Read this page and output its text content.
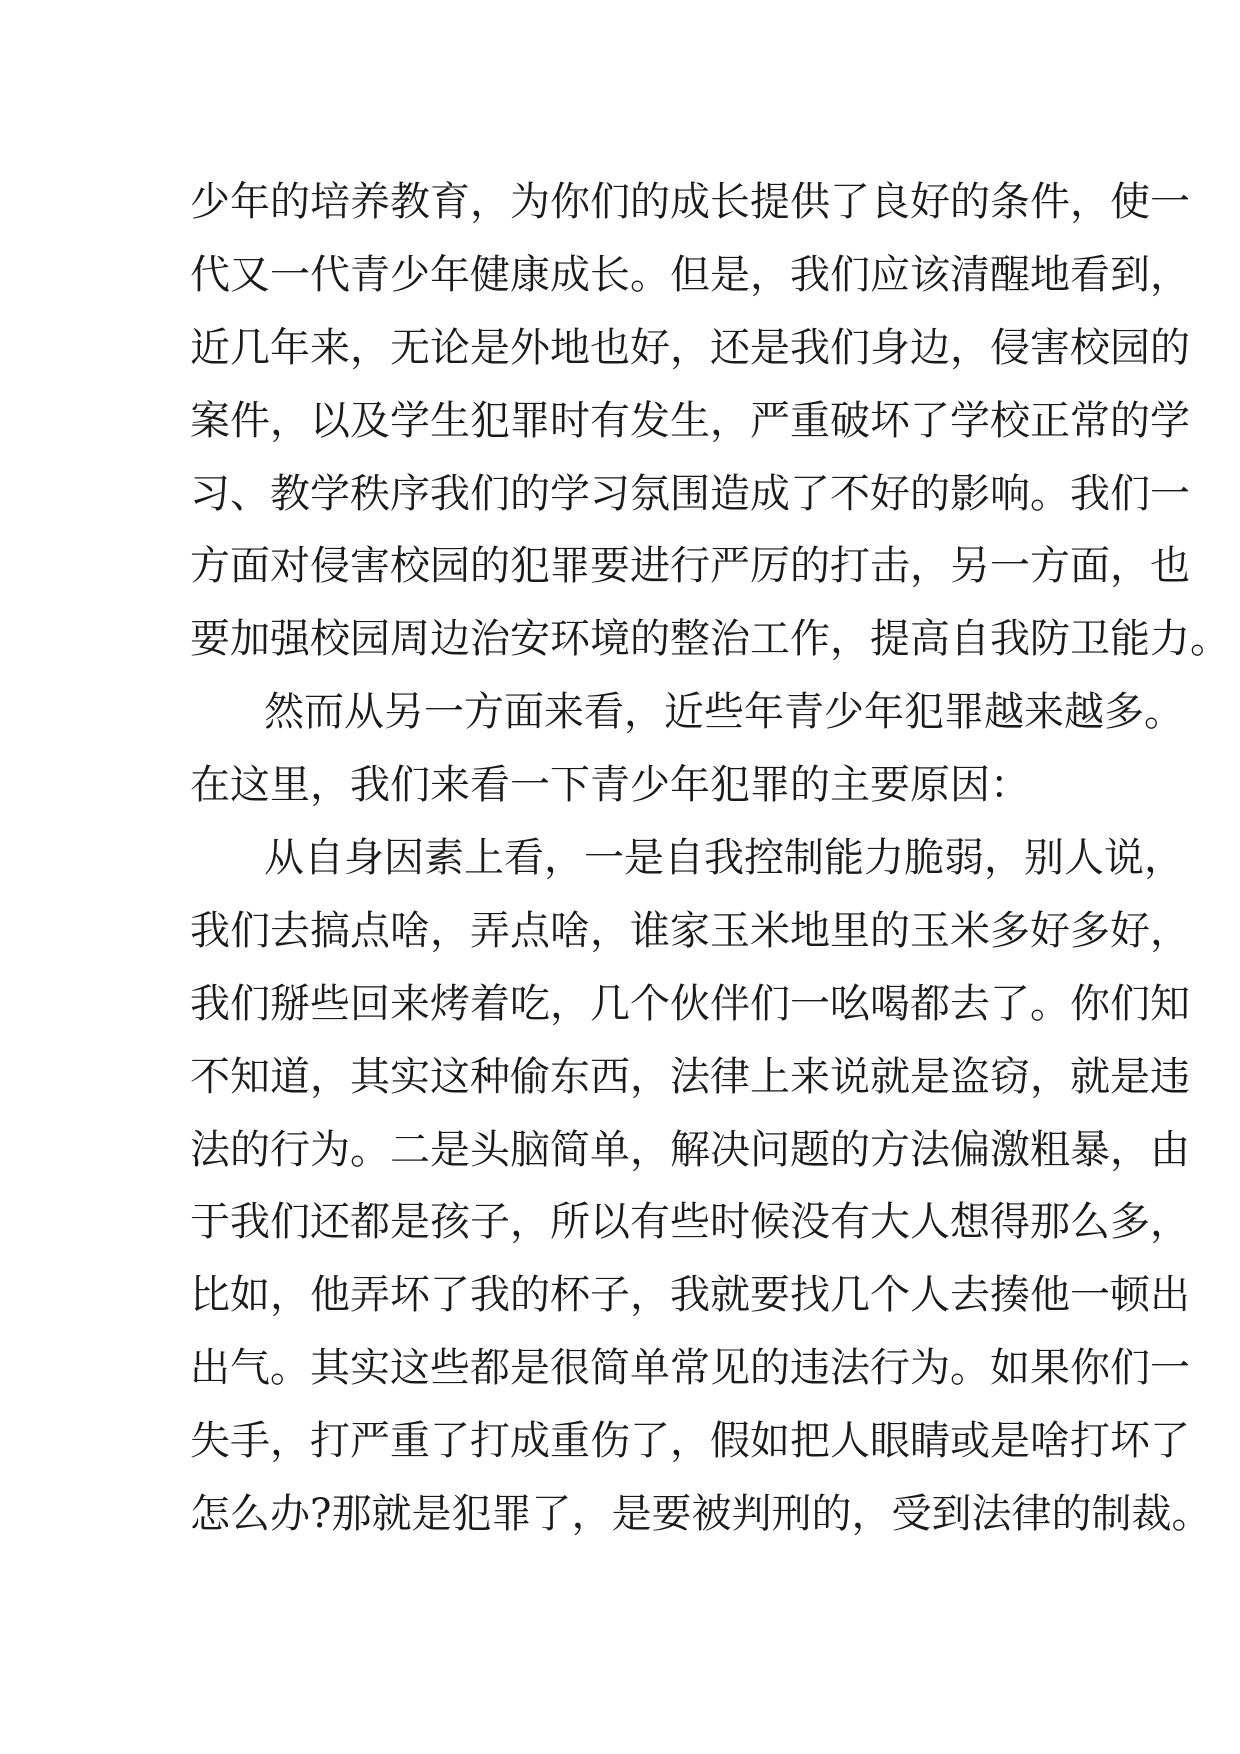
少年的培养教育，为你们的成长提供了良好的条件，使一
代又一代青少年健康成长。但是，我们应该清醒地看到，
近几年来，无论是外地也好，还是我们身边，侵害校园的
案件，以及学生犯罪时有发生，严重破坏了学校正常的学
习、教学秩序我们的学习氛围造成了不好的影响。我们一
方面对侵害校园的犯罪要进行严厉的打击，另一方面，也
要加强校园周边治安环境的整治工作，提高自我防卫能力。
然而从另一方面来看，近些年青少年犯罪越来越多。
在这里，我们来看一下青少年犯罪的主要原因：
从自身因素上看，一是自我控制能力脆弱，别人说，
我们去搞点啥，弄点啥，谁家玉米地里的玉米多好多好，
我们掰些回来烤着吃，几个伙伴们一吆喝都去了。你们知
不知道，其实这种偷东西，法律上来说就是盗窃，就是违
法的行为。二是头脑简单，解决问题的方法偏激粗暴，由
于我们还都是孩子，所以有些时候没有大人想得那么多，
比如，他弄坏了我的杯子，我就要找几个人去揍他一顿出
出气。其实这些都是很简单常见的违法行为。如果你们一
失手，打严重了打成重伤了，假如把人眼睛或是啥打坏了
怎么办?那就是犯罪了，是要被判刑的，受到法律的制裁。
